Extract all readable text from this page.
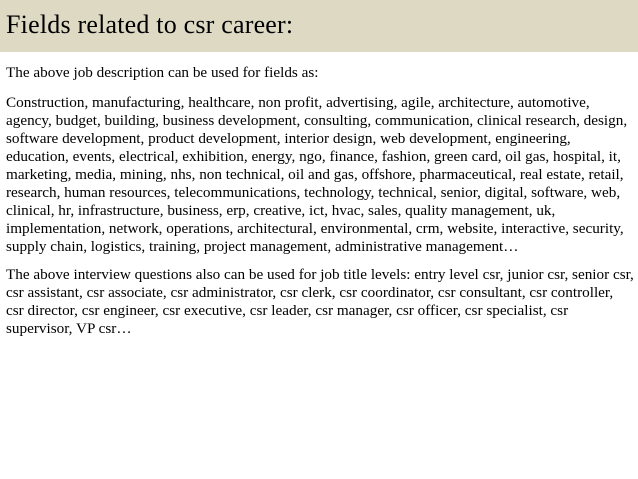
Fields related to csr career:

The above job description can be used for fields as:

Construction, manufacturing, healthcare, non profit, advertising, agile, architecture, automotive, agency, budget, building, business development, consulting, communication, clinical research, design, software development, product development, interior design, web development, engineering, education, events, electrical, exhibition, energy, ngo, finance, fashion, green card, oil gas, hospital, it, marketing, media, mining, nhs, non technical, oil and gas, offshore, pharmaceutical, real estate, retail, research, human resources, telecommunications, technology, technical, senior, digital, software, web, clinical, hr, infrastructure, business, erp, creative, ict, hvac, sales, quality management, uk, implementation, network, operations, architectural, environmental, crm, website, interactive, security, supply chain, logistics, training, project management, administrative management…

The above interview questions also can be used for job title levels: entry level csr, junior csr, senior csr, csr assistant, csr associate, csr administrator, csr clerk, csr coordinator, csr consultant, csr controller, csr director, csr engineer, csr executive, csr leader, csr manager, csr officer, csr specialist, csr supervisor, VP csr…
